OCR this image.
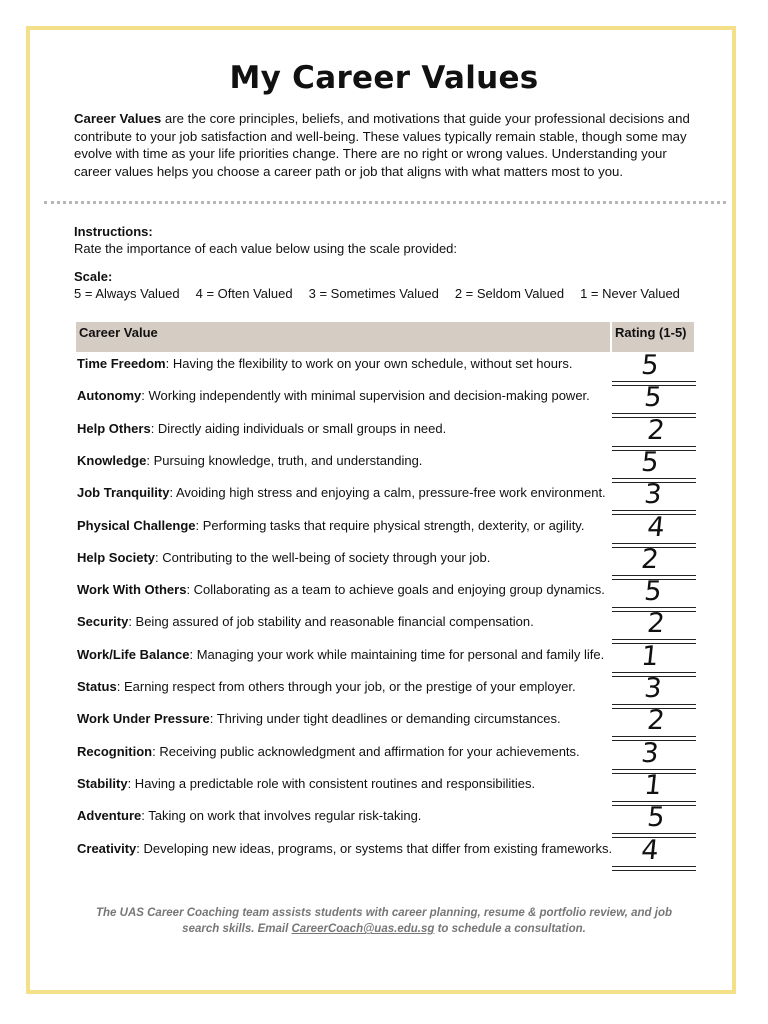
My Career Values
Career Values are the core principles, beliefs, and motivations that guide your professional decisions and contribute to your job satisfaction and well-being. These values typically remain stable, though some may evolve with time as your life priorities change. There are no right or wrong values. Understanding your career values helps you choose a career path or job that aligns with what matters most to you.
Instructions:
Rate the importance of each value below using the scale provided:
Scale:
5 = Always Valued 4 = Often Valued 3 = Sometimes Valued 2 = Seldom Valued 1 = Never Valued
Career Value	Rating (1-5)
Time Freedom: Having the flexibility to work on your own schedule, without set hours.	5
Autonomy: Working independently with minimal supervision and decision-making power.	5
Help Others: Directly aiding individuals or small groups in need.	2
Knowledge: Pursuing knowledge, truth, and understanding.	5
Job Tranquility: Avoiding high stress and enjoying a calm, pressure-free work environment.	3
Physical Challenge: Performing tasks that require physical strength, dexterity, or agility.	4
Help Society: Contributing to the well-being of society through your job.	2
Work With Others: Collaborating as a team to achieve goals and enjoying group dynamics.	5
Security: Being assured of job stability and reasonable financial compensation.	2
Work/Life Balance: Managing your work while maintaining time for personal and family life.	1
Status: Earning respect from others through your job, or the prestige of your employer.	3
Work Under Pressure: Thriving under tight deadlines or demanding circumstances.	2
Recognition: Receiving public acknowledgment and affirmation for your achievements.	3
Stability: Having a predictable role with consistent routines and responsibilities.	1
Adventure: Taking on work that involves regular risk-taking.	5
Creativity: Developing new ideas, programs, or systems that differ from existing frameworks.	4
The UAS Career Coaching team assists students with career planning, resume & portfolio review, and job search skills. Email CareerCoach@uas.edu.sg to schedule a consultation.
